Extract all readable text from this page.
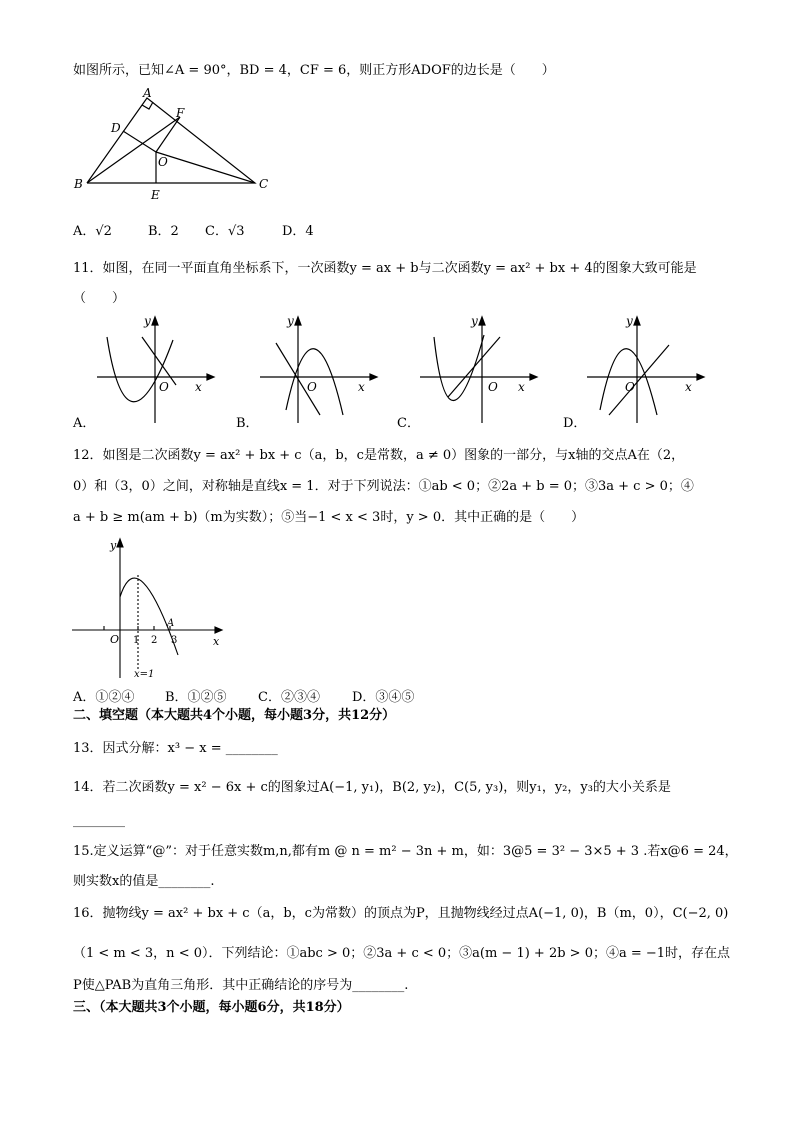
如图所示，已知∠A = 90°，BD = 4，CF = 6，则正方形ADOF的边长是（　　）
A
F
D
O
B
E
C
A．√2	B．2 C．√3	D．4
11．如图，在同一平面直角坐标系下，一次函数y = ax + b与二次函数y = ax² + bx + 4的图象大致可能是
（　　）
y
x
O
y
x
O
y
x
O
y
x
O
A．	B．	C．	D．
12．如图是二次函数y = ax² + bx + c（a，b，c是常数，a ≠ 0）图象的一部分，与x轴的交点A在（2，
0）和（3，0）之间，对称轴是直线x = 1．对于下列说法：①ab < 0；②2a + b = 0；③3a + c > 0；④
a + b ≥ m(am + b)（m为实数）；⑤当−1 < x < 3时，y > 0．其中正确的是（　　）
y
x
O 1 2 3
A
x=1
A．①②④ B．①②⑤ C．②③④ D．③④⑤
二、填空题（本大题共4个小题，每小题3分，共12分）
13．因式分解：x³ − x = ________
14．若二次函数y = x² − 6x + c的图象过A(−1, y₁)，B(2, y₂)，C(5, y₃)，则y₁，y₂，y₃的大小关系是
________
15.定义运算“@”：对于任意实数m,n,都有m @ n = m² − 3n + m，如：3@5 = 3² − 3×5 + 3 .若x@6 = 24，
则实数x的值是________.
16．抛物线y = ax² + bx + c（a，b，c为常数）的顶点为P，且抛物线经过点A(−1, 0)，B（m，0），C(−2, 0)
（1 < m < 3，n < 0）．下列结论：①abc > 0；②3a + c < 0；③a(m − 1) + 2b > 0；④a = −1时，存在点
P使△PAB为直角三角形．其中正确结论的序号为________.
三、（本大题共3个小题，每小题6分，共18分）
